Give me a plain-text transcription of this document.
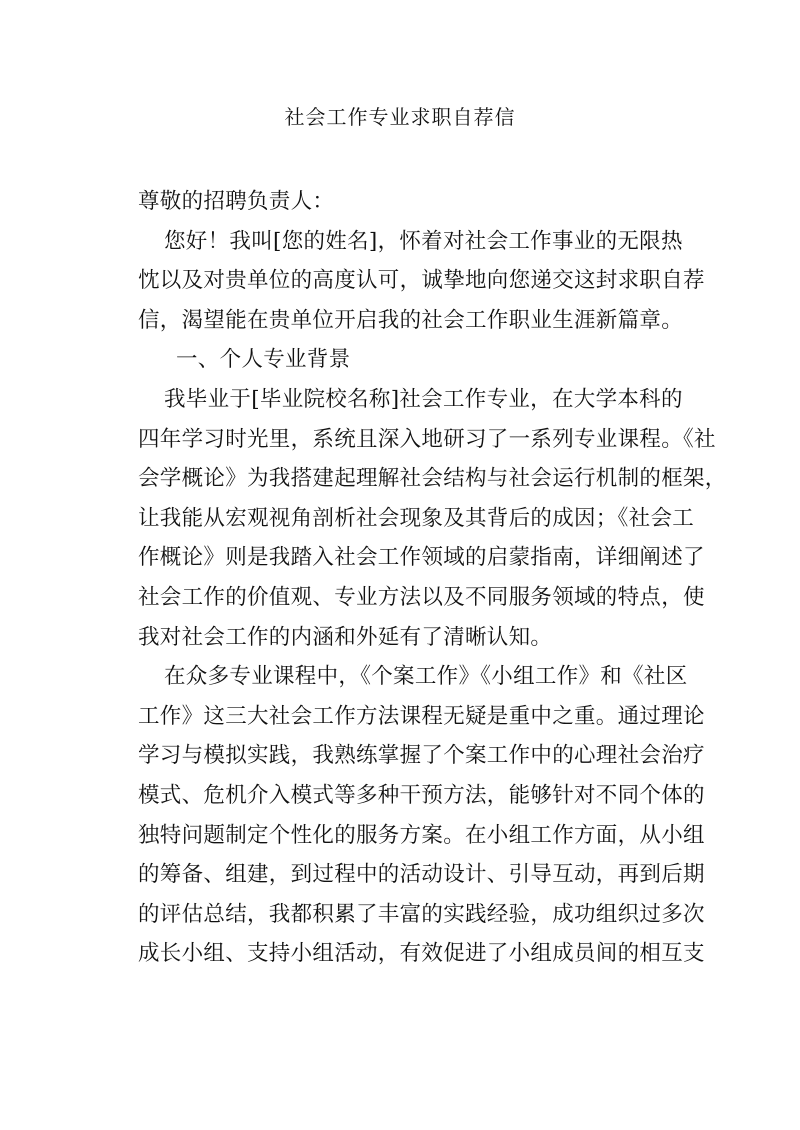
社会工作专业求职自荐信
尊敬的招聘负责人：
您好！我叫[您的姓名]，怀着对社会工作事业的无限热
忱以及对贵单位的高度认可，诚挚地向您递交这封求职自荐
信，渴望能在贵单位开启我的社会工作职业生涯新篇章。
一、个人专业背景
我毕业于[毕业院校名称]社会工作专业，在大学本科的
四年学习时光里，系统且深入地研习了一系列专业课程。《社
会学概论》为我搭建起理解社会结构与社会运行机制的框架，
让我能从宏观视角剖析社会现象及其背后的成因；《社会工
作概论》则是我踏入社会工作领域的启蒙指南，详细阐述了
社会工作的价值观、专业方法以及不同服务领域的特点，使
我对社会工作的内涵和外延有了清晰认知。
在众多专业课程中，《个案工作》《小组工作》和《社区
工作》这三大社会工作方法课程无疑是重中之重。通过理论
学习与模拟实践，我熟练掌握了个案工作中的心理社会治疗
模式、危机介入模式等多种干预方法，能够针对不同个体的
独特问题制定个性化的服务方案。在小组工作方面，从小组
的筹备、组建，到过程中的活动设计、引导互动，再到后期
的评估总结，我都积累了丰富的实践经验，成功组织过多次
成长小组、支持小组活动，有效促进了小组成员间的相互支
